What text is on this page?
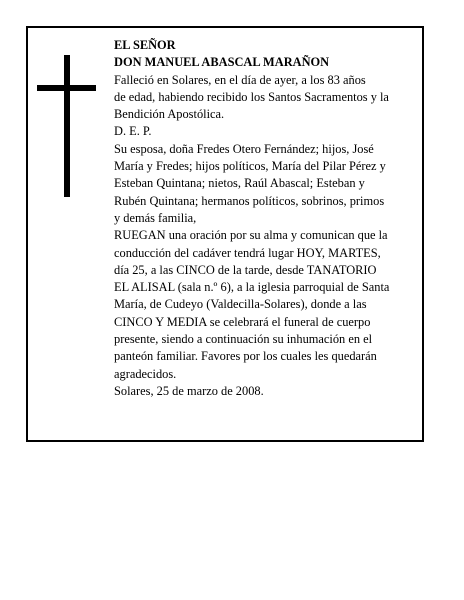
EL SEÑOR
DON MANUEL ABASCAL MARAÑON
Falleció en Solares, en el día de ayer, a los 83 años
de edad, habiendo recibido los Santos Sacramentos y la
Bendición Apostólica.
D. E. P.
Su esposa, doña Fredes Otero Fernández; hijos, José
María y Fredes; hijos políticos, María del Pilar Pérez y
Esteban Quintana; nietos, Raúl Abascal; Esteban y
Rubén Quintana; hermanos políticos, sobrinos, primos
y demás familia,
RUEGAN una oración por su alma y comunican que la
conducción del cadáver tendrá lugar HOY, MARTES,
día 25, a las CINCO de la tarde, desde TANATORIO
EL ALISAL (sala n.º 6), a la iglesia parroquial de Santa
María, de Cudeyo (Valdecilla-Solares), donde a las
CINCO Y MEDIA se celebrará el funeral de cuerpo
presente, siendo a continuación su inhumación en el
panteón familiar. Favores por los cuales les quedarán
agradecidos.
Solares, 25 de marzo de 2008.
